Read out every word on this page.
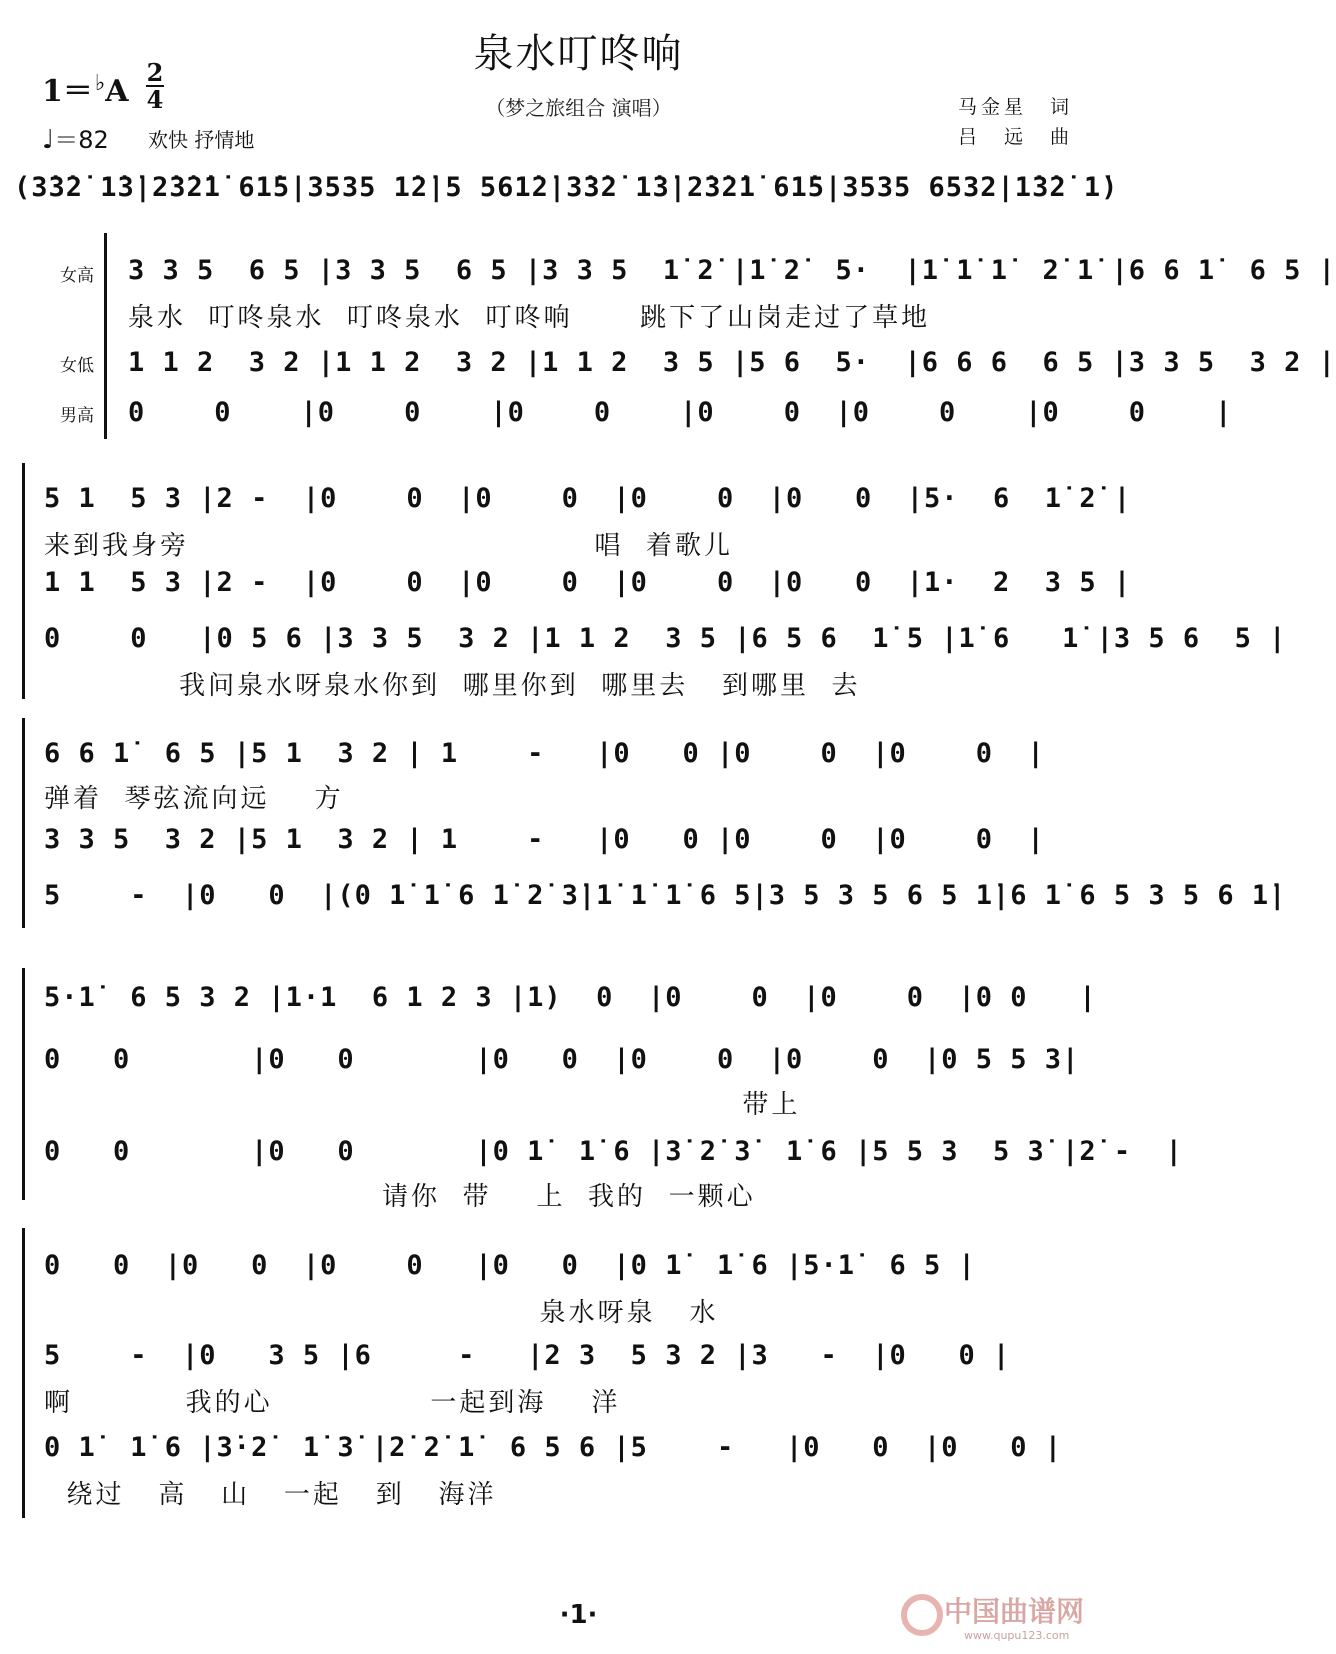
泉水叮咚响
（梦之旅组合 演唱）
1＝♭A
2
4
♩＝82 欢快 抒情地
马金星　词
吕　远　曲
(3̇3̇2̇ 1̇3̇|2̇3̇2̇1̇ 61̇5|3535 1̇2̇|5 561̇2̇|3̇3̇2̇ 1̇3̇|2̇3̇2̇1̇ 61̇5|3535 6532|1̇3̇2̇ 1̇)
女高
女低
男高
3 3 5  6 5 |3 3 5  6 5 |3 3 5  1̇ 2̇ |1̇ 2̇  5·  |1̇ 1̇ 1̇  2̇ 1̇ |6 6 1̇  6 5 |
泉水  叮咚泉水  叮咚泉水  叮咚响      跳下了山岗走过了草地
1 1 2  3 2 |1 1 2  3 2 |1 1 2  3 5 |5 6  5·  |6 6 6  6 5 |3 3 5  3 2 |
0    0    |0    0    |0    0    |0    0  |0    0    |0    0    |
5 1  5 3 |2 -  |0    0  |0    0  |0    0  |0   0  |5·  6  1̇ 2̇ |
来到我身旁                                    唱  着歌儿
1 1  5 3 |2 -  |0    0  |0    0  |0    0  |0   0  |1·  2  3 5 |
0    0   |0 5 6 |3 3 5  3 2 |1 1 2  3 5 |6 5 6  1̇ 5 |1̇ 6   1̇ |3 5 6  5 |
我问泉水呀泉水你到  哪里你到  哪里去   到哪里  去
6 6 1̇  6 5 |5 1  3 2 | 1    -   |0   0 |0    0  |0    0  |
弹着  琴弦流向远    方
3 3 5  3 2 |5 1  3 2 | 1    -   |0   0 |0    0  |0    0  |
5    -  |0   0  |(0 1̇ 1̇ 6 1̇ 2̇ 3̇|1̇ 1̇ 1̇ 6 5|3 5 3 5 6 5 1̇|6 1̇ 6 5 3 5 6 1̇|
5·1̇  6 5 3 2 |1·1  6 1 2 3 |1)  0  |0    0  |0    0  |0 0   |
0   0       |0   0       |0   0  |0    0  |0    0  |0 5 5 3|
带上
0   0       |0   0       |0 1̇  1̇ 6 |3̇ 2̇ 3̇  1̇ 6 |5 5 3  5 3̇ |2̇ -  |
请你  带    上  我的  一颗心
0   0  |0   0  |0    0   |0   0  |0 1̇  1̇ 6 |5·1̇  6 5 |
泉水呀泉   水
5    -  |0   3 5 |6     -   |2 3  5 3 2 |3   -  |0   0 |
啊          我的心              一起到海    洋
0 1̇  1̇ 6 |3̇·2̇  1̇ 3̇ |2̇ 2̇ 1̇  6 5 6 |5    -   |0   0  |0   0 |
绕过   高   山   一起   到   海洋
·1·	中国曲谱网
www.qupu123.com
